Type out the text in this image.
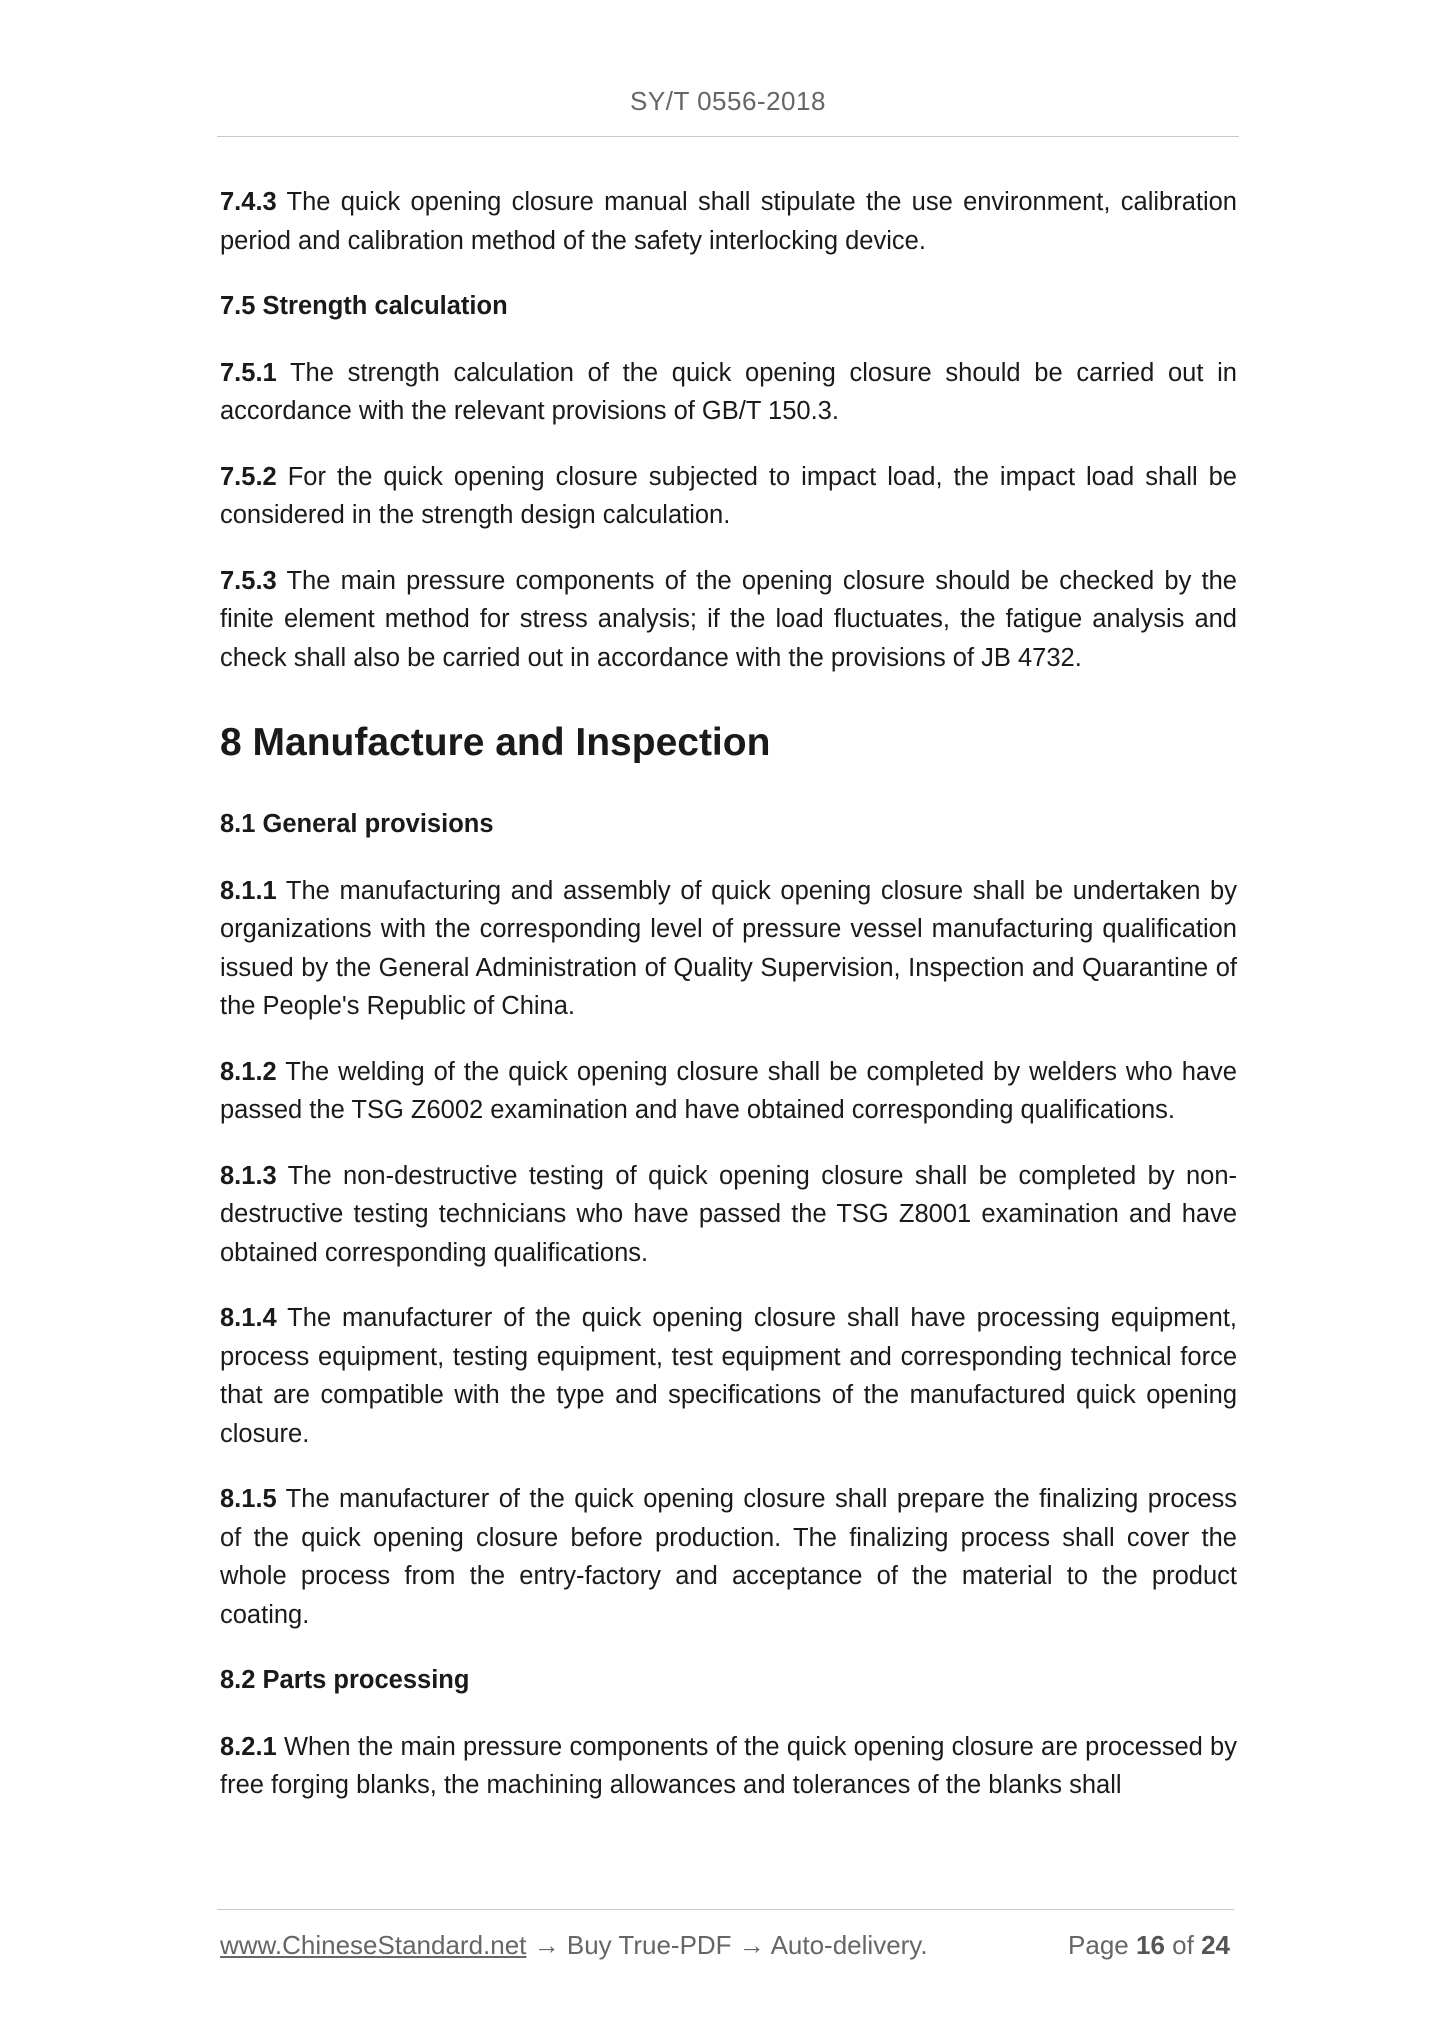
SY/T 0556-2018

7.4.3 The quick opening closure manual shall stipulate the use environment, calibration period and calibration method of the safety interlocking device.

7.5 Strength calculation

7.5.1 The strength calculation of the quick opening closure should be carried out in accordance with the relevant provisions of GB/T 150.3.

7.5.2 For the quick opening closure subjected to impact load, the impact load shall be considered in the strength design calculation.

7.5.3 The main pressure components of the opening closure should be checked by the finite element method for stress analysis; if the load fluctuates, the fatigue analysis and check shall also be carried out in accordance with the provisions of JB 4732.

8 Manufacture and Inspection

8.1 General provisions

8.1.1 The manufacturing and assembly of quick opening closure shall be undertaken by organizations with the corresponding level of pressure vessel manufacturing qualification issued by the General Administration of Quality Supervision, Inspection and Quarantine of the People's Republic of China.

8.1.2 The welding of the quick opening closure shall be completed by welders who have passed the TSG Z6002 examination and have obtained corresponding qualifications.

8.1.3 The non-destructive testing of quick opening closure shall be completed by non-destructive testing technicians who have passed the TSG Z8001 examination and have obtained corresponding qualifications.

8.1.4 The manufacturer of the quick opening closure shall have processing equipment, process equipment, testing equipment, test equipment and corresponding technical force that are compatible with the type and specifications of the manufactured quick opening closure.

8.1.5 The manufacturer of the quick opening closure shall prepare the finalizing process of the quick opening closure before production. The finalizing process shall cover the whole process from the entry-factory and acceptance of the material to the product coating.

8.2 Parts processing

8.2.1 When the main pressure components of the quick opening closure are processed by free forging blanks, the machining allowances and tolerances of the blanks shall

www.ChineseStandard.net → Buy True-PDF → Auto-delivery.	Page 16 of 24
